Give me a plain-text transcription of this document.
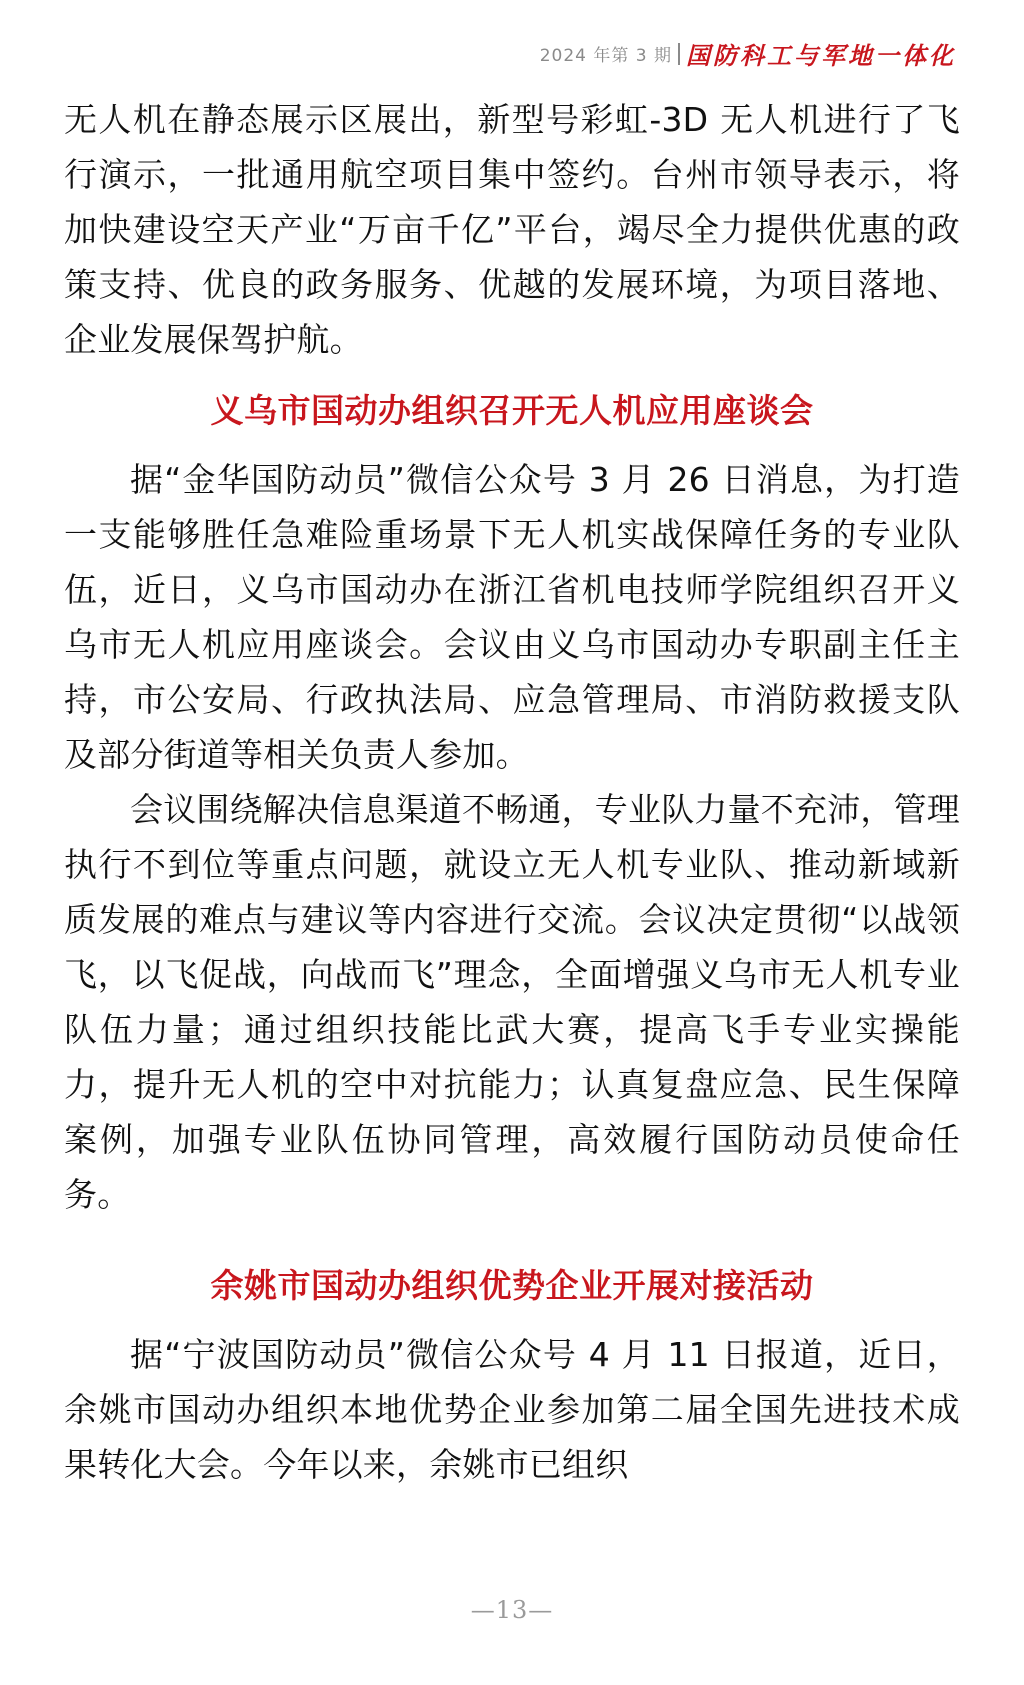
2024 年第 3 期 国防科工与军地一体化

无人机在静态展示区展出，新型号彩虹-3D 无人机进行了飞行演示，一批通用航空项目集中签约。台州市领导表示，将加快建设空天产业“万亩千亿”平台，竭尽全力提供优惠的政策支持、优良的政务服务、优越的发展环境，为项目落地、企业发展保驾护航。

义乌市国动办组织召开无人机应用座谈会

据“金华国防动员”微信公众号 3 月 26 日消息，为打造一支能够胜任急难险重场景下无人机实战保障任务的专业队伍，近日，义乌市国动办在浙江省机电技师学院组织召开义乌市无人机应用座谈会。会议由义乌市国动办专职副主任主持，市公安局、行政执法局、应急管理局、市消防救援支队及部分街道等相关负责人参加。

会议围绕解决信息渠道不畅通，专业队力量不充沛，管理执行不到位等重点问题，就设立无人机专业队、推动新域新质发展的难点与建议等内容进行交流。会议决定贯彻“以战领飞，以飞促战，向战而飞”理念，全面增强义乌市无人机专业队伍力量；通过组织技能比武大赛，提高飞手专业实操能力，提升无人机的空中对抗能力；认真复盘应急、民生保障案例，加强专业队伍协同管理，高效履行国防动员使命任务。

余姚市国动办组织优势企业开展对接活动

据“宁波国防动员”微信公众号 4 月 11 日报道，近日，余姚市国动办组织本地优势企业参加第二届全国先进技术成果转化大会。今年以来，余姚市已组织

—13—
